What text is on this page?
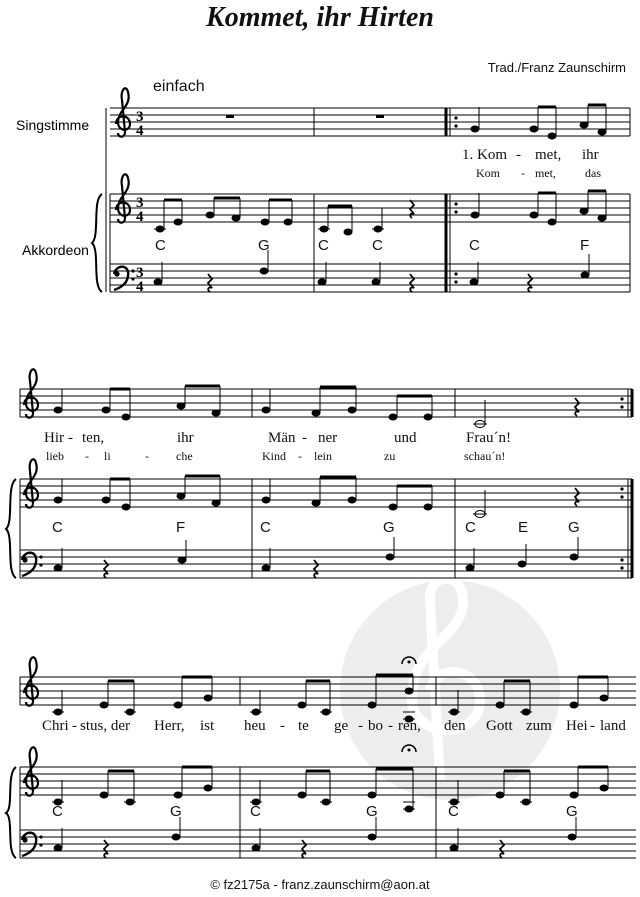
3
4
3
4
3
4
Kommet, ihr Hirten
Trad./Franz Zaunschirm
einfach
Singstimme
Akkordeon
1. Kom - met, ihr
Kom - met, das
C	G	C	C	C	F
Hir - ten,	ihr	Män - ner	und	Frau´n!
lieb - li	- che	Kind - lein	zu	schau´n!
C	F	C	G	C	E	G
Chri - stus, der Herr, ist heu - te ge - bo - ren, den Gott zum Hei - land
C	G	C	G	C	G
© fz2175a - franz.zaunschirm@aon.at
